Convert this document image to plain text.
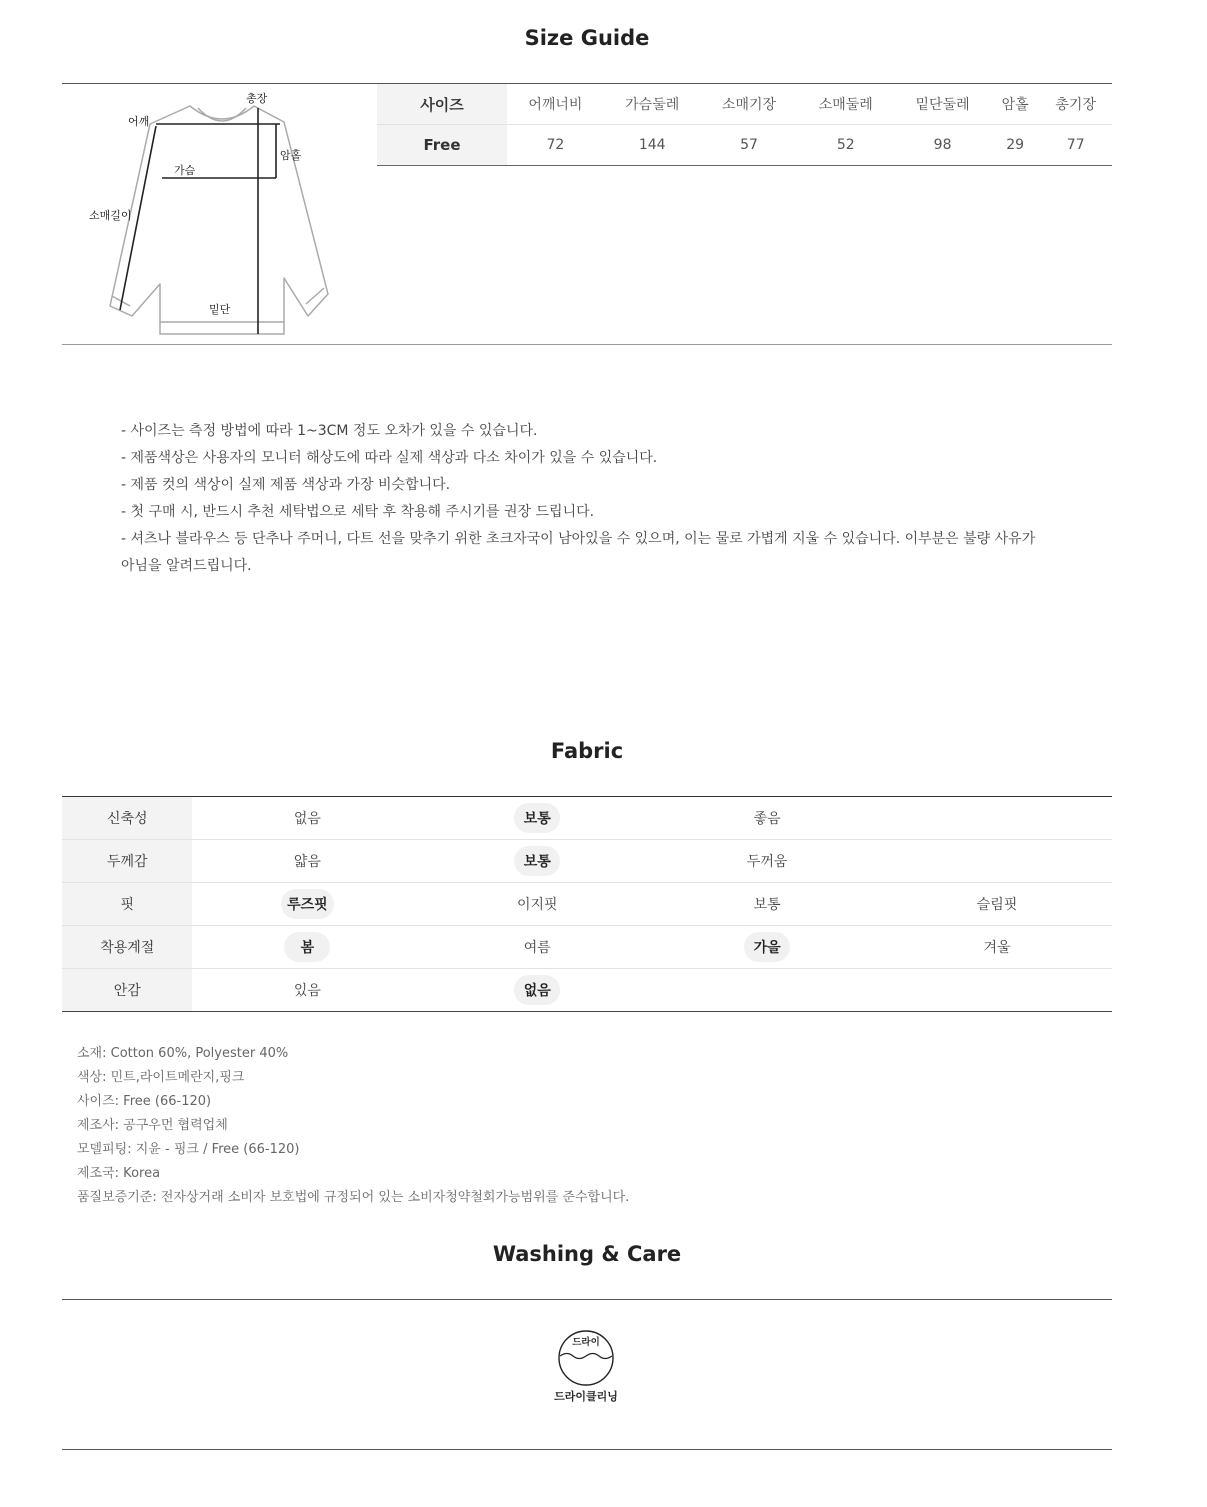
Size Guide
어깨
총장
가슴
암홀
소매길이
밑단
사이즈	어깨너비	가슴둘레	소매기장	소매둘레	밑단둘레	암홀	총기장
Free	72	144	57	52	98	29	77

- 사이즈는 측정 방법에 따라 1~3CM 정도 오차가 있을 수 있습니다.

- 제품색상은 사용자의 모니터 해상도에 따라 실제 색상과 다소 차이가 있을 수 있습니다.

- 제품 컷의 색상이 실제 제품 색상과 가장 비슷합니다.

- 첫 구매 시, 반드시 추천 세탁법으로 세탁 후 착용해 주시기를 권장 드립니다.

- 셔츠나 블라우스 등 단추나 주머니, 다트 선을 맞추기 위한 초크자국이 남아있을 수 있으며, 이는 물로 가볍게 지울 수 있습니다. 이부분은 불량 사유가

아님을 알려드립니다.

Fabric
신축성	없음	보통	좋음	
두께감	얇음	보통	두꺼움	
핏	루즈핏	이지핏	보통	슬림핏
착용계절	봄	여름	가을	겨울
안감	있음	없음		

소재: Cotton 60%, Polyester 40%

색상: 민트,라이트메란지,핑크

사이즈: Free (66-120)

제조사: 공구우먼 협력업체

모델피팅: 지윤 - 핑크 / Free (66-120)

제조국: Korea

품질보증기준: 전자상거래 소비자 보호법에 규정되어 있는 소비자청약철회가능범위를 준수합니다.

Washing & Care
드라이
드라이클리닝
